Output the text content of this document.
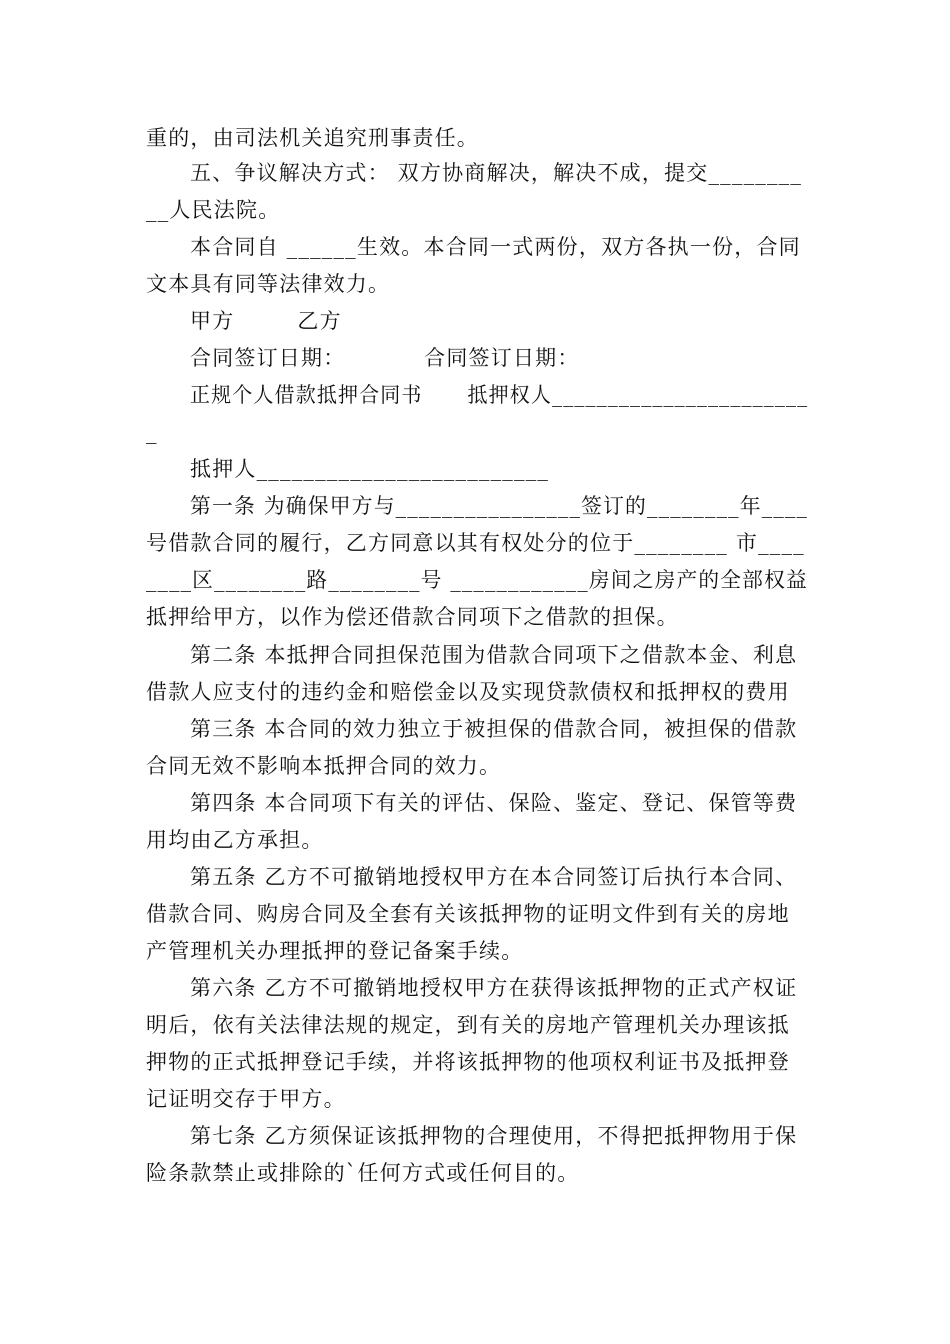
重的，由司法机关追究刑事责任。
五、争议解决方式： 双方协商解决，解决不成，提交________
__人民法院。
本合同自 ______生效。本合同一式两份，双方各执一份，合同
文本具有同等法律效力。
甲方        乙方
合同签订日期：          合同签订日期：
正规个人借款抵押合同书      抵押权人_______________________
_
抵押人_________________________
第一条 为确保甲方与________________签订的________年____
号借款合同的履行，乙方同意以其有权处分的位于________ 市____
____区________路________号 ____________房间之房产的全部权益
抵押给甲方，以作为偿还借款合同项下之借款的担保。
第二条 本抵押合同担保范围为借款合同项下之借款本金、利息
借款人应支付的违约金和赔偿金以及实现贷款债权和抵押权的费用
第三条 本合同的效力独立于被担保的借款合同，被担保的借款
合同无效不影响本抵押合同的效力。
第四条 本合同项下有关的评估、保险、鉴定、登记、保管等费
用均由乙方承担。
第五条 乙方不可撤销地授权甲方在本合同签订后执行本合同、
借款合同、购房合同及全套有关该抵押物的证明文件到有关的房地
产管理机关办理抵押的登记备案手续。
第六条 乙方不可撤销地授权甲方在获得该抵押物的正式产权证
明后，依有关法律法规的规定，到有关的房地产管理机关办理该抵
押物的正式抵押登记手续，并将该抵押物的他项权利证书及抵押登
记证明交存于甲方。
第七条 乙方须保证该抵押物的合理使用，不得把抵押物用于保
险条款禁止或排除的`任何方式或任何目的。
